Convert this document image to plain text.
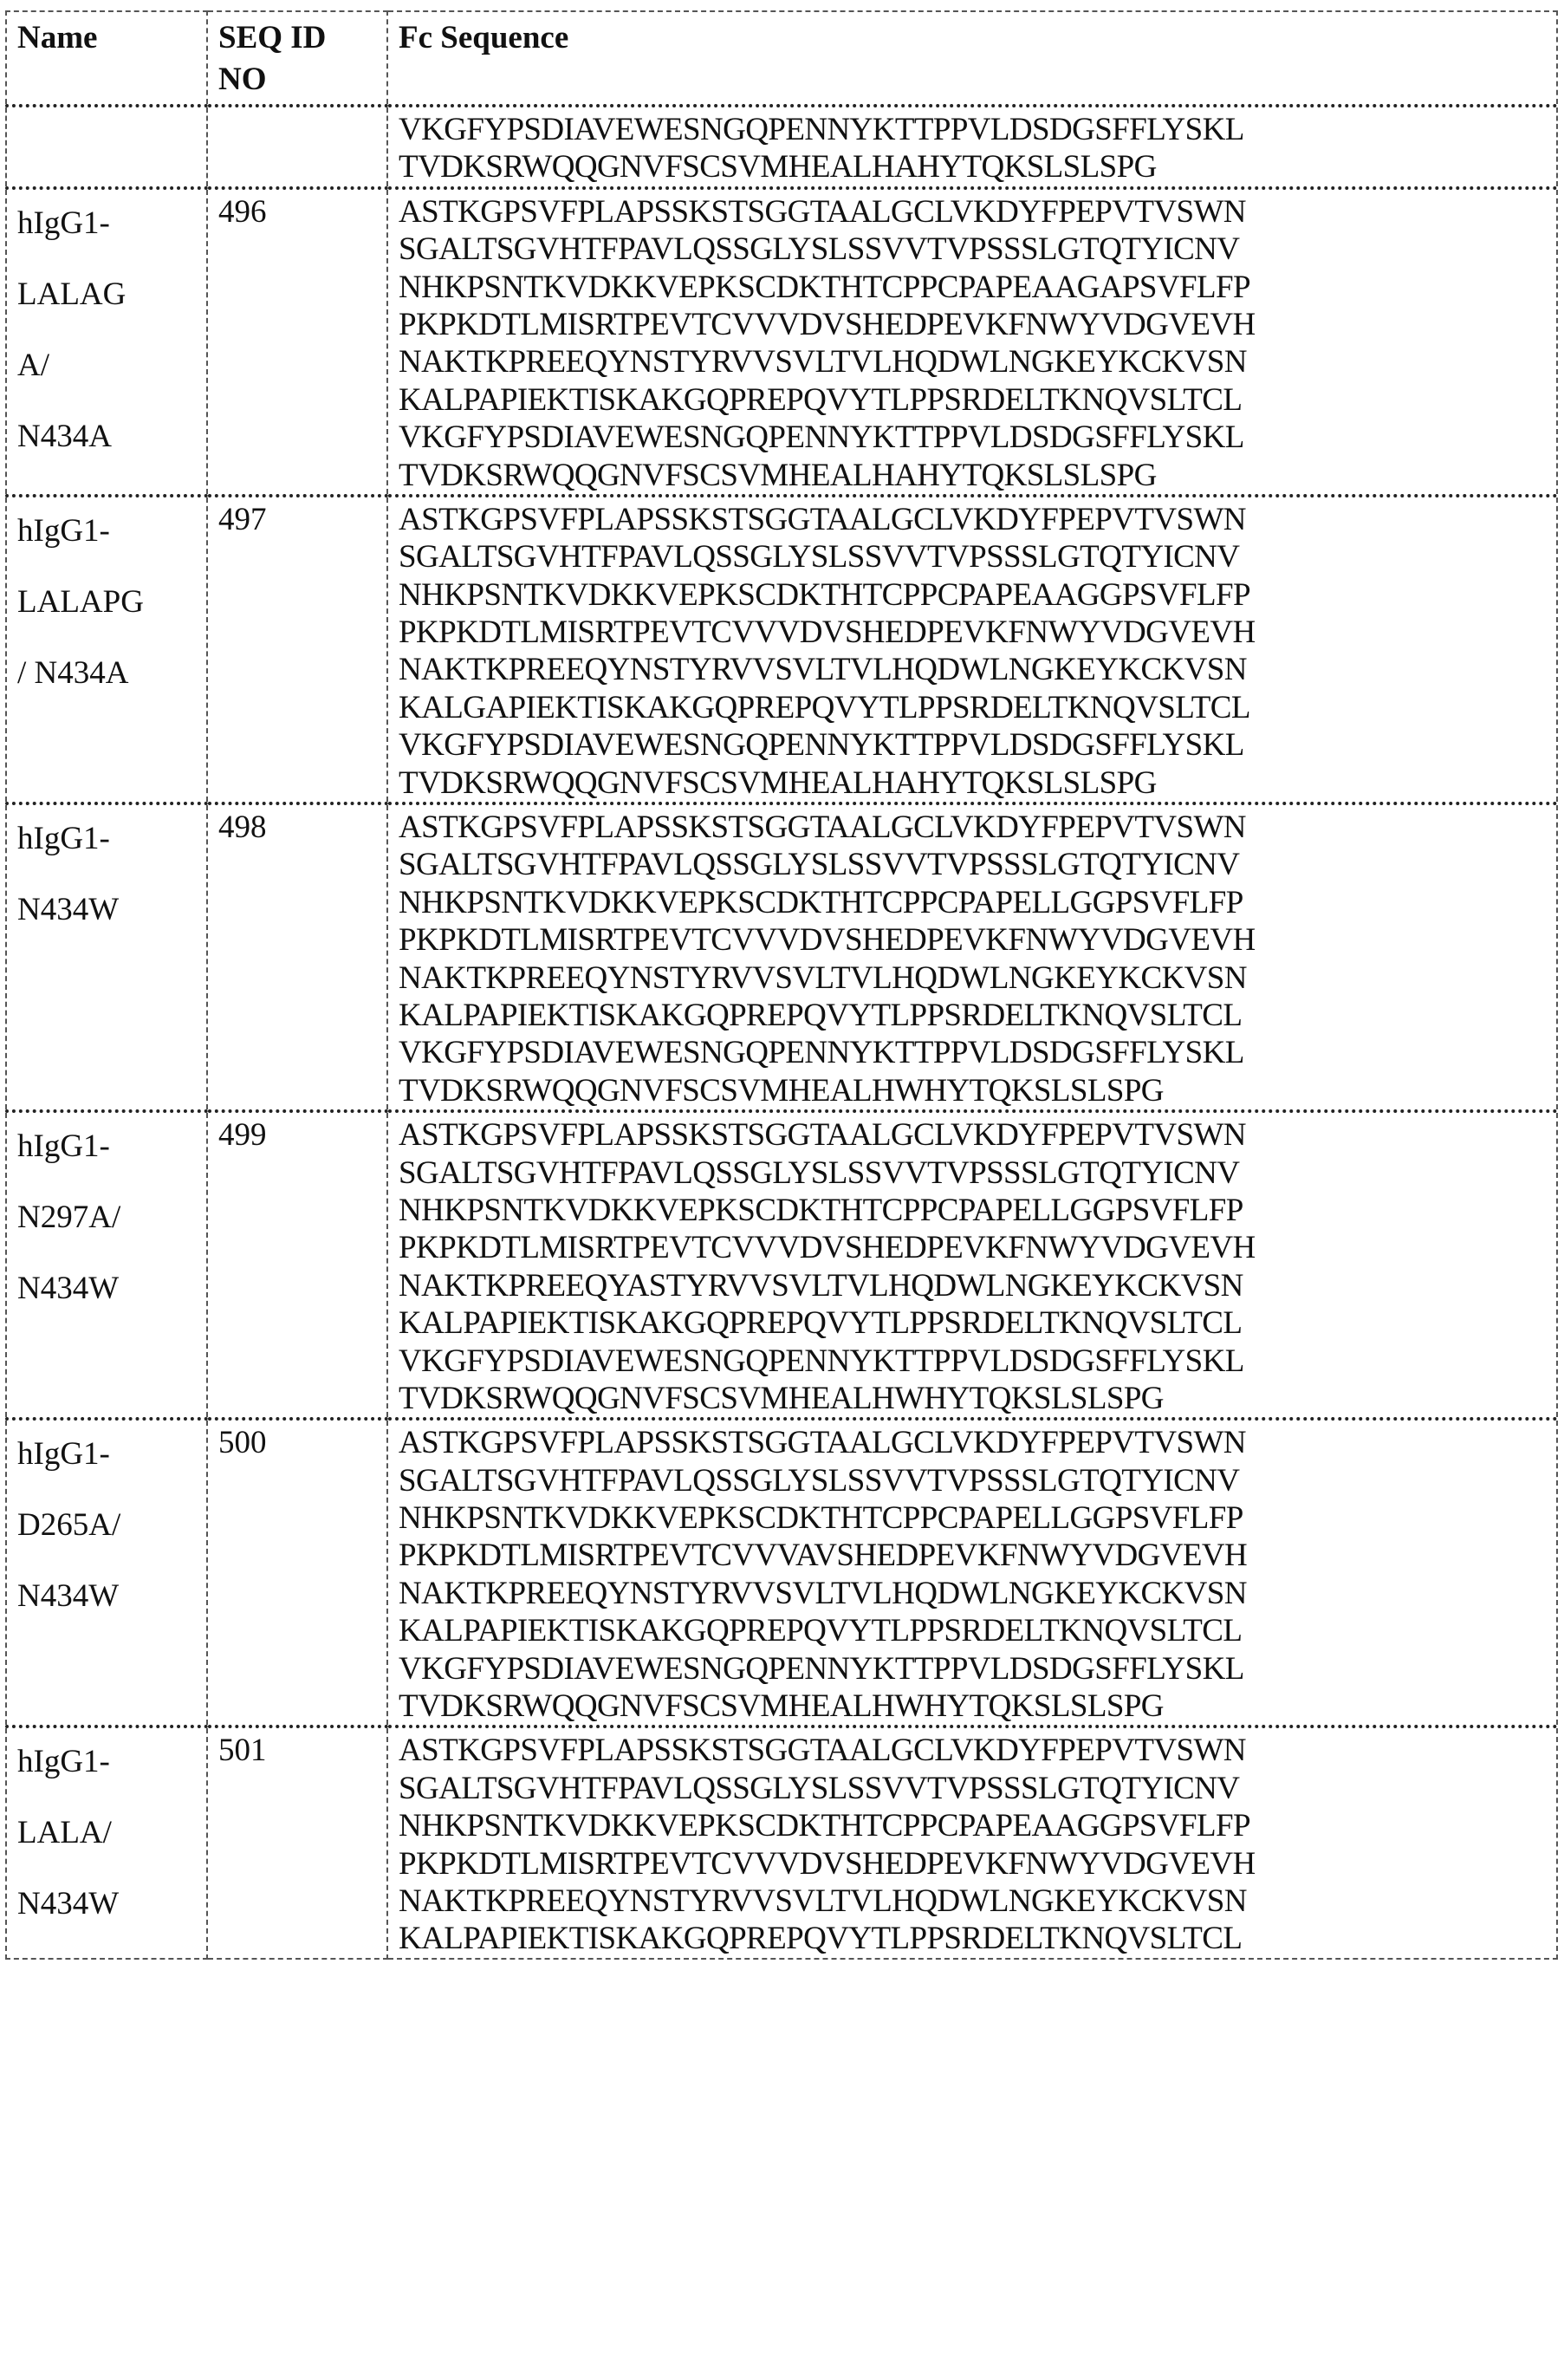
Name	SEQ ID
NO
	Fc Sequence

VKGFYPSDIAVEWESNGQPENNYKTTPPVLDSDGSFFLYSKL
TVDKSRWQQGNVFSCSVMHEALHAHYTQKSLSLSPG

hIgG1-
LALAG
A/
N434A
	496	ASTKGPSVFPLAPSSKSTSGGTAALGCLVKDYFPEPVTVSWN
SGALTSGVHTFPAVLQSSGLYSLSSVVTVPSSSLGTQTYICNV
NHKPSNTKVDKKVEPKSCDKTHTCPPCPAPEAAGAPSVFLFP
PKPKDTLMISRTPEVTCVVVDVSHEDPEVKFNWYVDGVEVH
NAKTKPREEQYNSTYRVVSVLTVLHQDWLNGKEYKCKVSN
KALPAPIEKTISKAKGQPREPQVYTLPPSRDELTKNQVSLTCL
VKGFYPSDIAVEWESNGQPENNYKTTPPVLDSDGSFFLYSKL
TVDKSRWQQGNVFSCSVMHEALHAHYTQKSLSLSPG

hIgG1-
LALAPG
/ N434A
	497	ASTKGPSVFPLAPSSKSTSGGTAALGCLVKDYFPEPVTVSWN
SGALTSGVHTFPAVLQSSGLYSLSSVVTVPSSSLGTQTYICNV
NHKPSNTKVDKKVEPKSCDKTHTCPPCPAPEAAGGPSVFLFP
PKPKDTLMISRTPEVTCVVVDVSHEDPEVKFNWYVDGVEVH
NAKTKPREEQYNSTYRVVSVLTVLHQDWLNGKEYKCKVSN
KALGAPIEKTISKAKGQPREPQVYTLPPSRDELTKNQVSLTCL
VKGFYPSDIAVEWESNGQPENNYKTTPPVLDSDGSFFLYSKL
TVDKSRWQQGNVFSCSVMHEALHAHYTQKSLSLSPG

hIgG1-
N434W
	498	ASTKGPSVFPLAPSSKSTSGGTAALGCLVKDYFPEPVTVSWN
SGALTSGVHTFPAVLQSSGLYSLSSVVTVPSSSLGTQTYICNV
NHKPSNTKVDKKVEPKSCDKTHTCPPCPAPELLGGPSVFLFP
PKPKDTLMISRTPEVTCVVVDVSHEDPEVKFNWYVDGVEVH
NAKTKPREEQYNSTYRVVSVLTVLHQDWLNGKEYKCKVSN
KALPAPIEKTISKAKGQPREPQVYTLPPSRDELTKNQVSLTCL
VKGFYPSDIAVEWESNGQPENNYKTTPPVLDSDGSFFLYSKL
TVDKSRWQQGNVFSCSVMHEALHWHYTQKSLSLSPG

hIgG1-
N297A/
N434W
	499	ASTKGPSVFPLAPSSKSTSGGTAALGCLVKDYFPEPVTVSWN
SGALTSGVHTFPAVLQSSGLYSLSSVVTVPSSSLGTQTYICNV
NHKPSNTKVDKKVEPKSCDKTHTCPPCPAPELLGGPSVFLFP
PKPKDTLMISRTPEVTCVVVDVSHEDPEVKFNWYVDGVEVH
NAKTKPREEQYASTYRVVSVLTVLHQDWLNGKEYKCKVSN
KALPAPIEKTISKAKGQPREPQVYTLPPSRDELTKNQVSLTCL
VKGFYPSDIAVEWESNGQPENNYKTTPPVLDSDGSFFLYSKL
TVDKSRWQQGNVFSCSVMHEALHWHYTQKSLSLSPG

hIgG1-
D265A/
N434W
	500	ASTKGPSVFPLAPSSKSTSGGTAALGCLVKDYFPEPVTVSWN
SGALTSGVHTFPAVLQSSGLYSLSSVVTVPSSSLGTQTYICNV
NHKPSNTKVDKKVEPKSCDKTHTCPPCPAPELLGGPSVFLFP
PKPKDTLMISRTPEVTCVVVAVSHEDPEVKFNWYVDGVEVH
NAKTKPREEQYNSTYRVVSVLTVLHQDWLNGKEYKCKVSN
KALPAPIEKTISKAKGQPREPQVYTLPPSRDELTKNQVSLTCL
VKGFYPSDIAVEWESNGQPENNYKTTPPVLDSDGSFFLYSKL
TVDKSRWQQGNVFSCSVMHEALHWHYTQKSLSLSPG

hIgG1-
LALA/
N434W
	501	ASTKGPSVFPLAPSSKSTSGGTAALGCLVKDYFPEPVTVSWN
SGALTSGVHTFPAVLQSSGLYSLSSVVTVPSSSLGTQTYICNV
NHKPSNTKVDKKVEPKSCDKTHTCPPCPAPEAAGGPSVFLFP
PKPKDTLMISRTPEVTCVVVDVSHEDPEVKFNWYVDGVEVH
NAKTKPREEQYNSTYRVVSVLTVLHQDWLNGKEYKCKVSN
KALPAPIEKTISKAKGQPREPQVYTLPPSRDELTKNQVSLTCL
